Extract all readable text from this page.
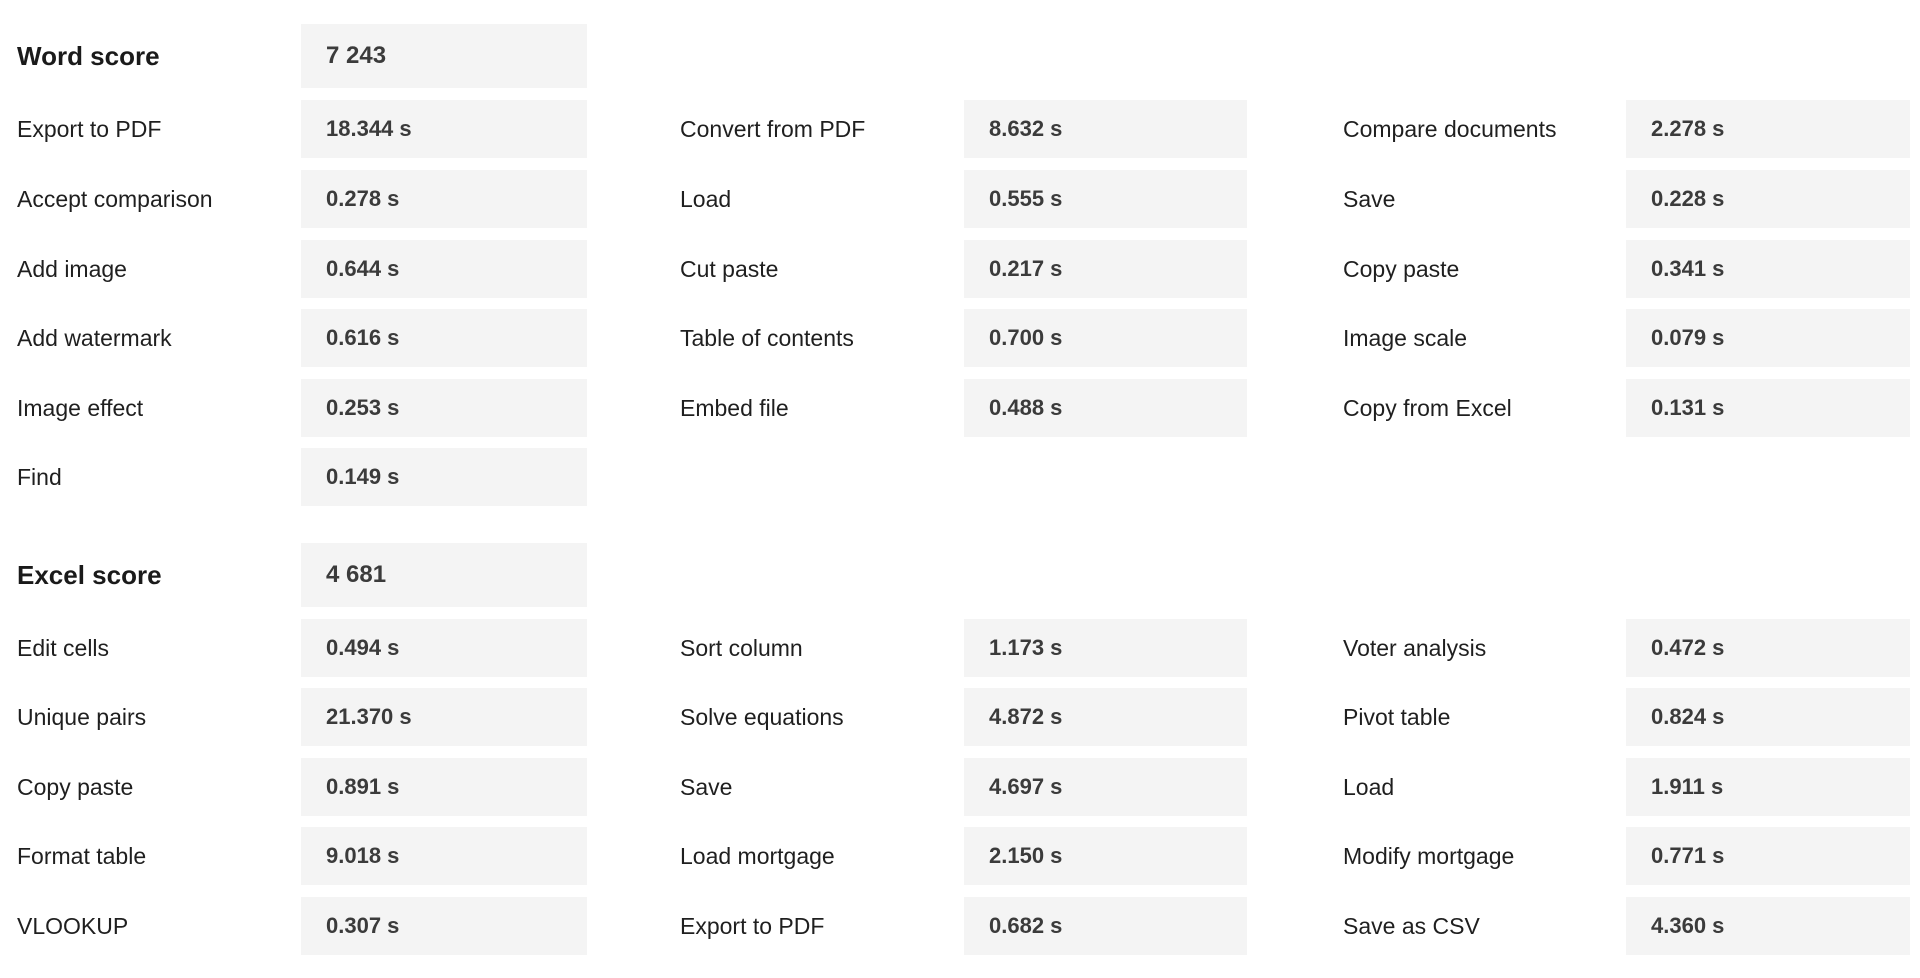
Word score	7 243
Export to PDF	18.344 s	Convert from PDF	8.632 s	Compare documents	2.278 s
Accept comparison	0.278 s	Load	0.555 s	Save	0.228 s
Add image	0.644 s	Cut paste	0.217 s	Copy paste	0.341 s
Add watermark	0.616 s	Table of contents	0.700 s	Image scale	0.079 s
Image effect	0.253 s	Embed file	0.488 s	Copy from Excel	0.131 s
Find	0.149 s
Excel score	4 681
Edit cells	0.494 s	Sort column	1.173 s	Voter analysis	0.472 s
Unique pairs	21.370 s	Solve equations	4.872 s	Pivot table	0.824 s
Copy paste	0.891 s	Save	4.697 s	Load	1.911 s
Format table	9.018 s	Load mortgage	2.150 s	Modify mortgage	0.771 s
VLOOKUP	0.307 s	Export to PDF	0.682 s	Save as CSV	4.360 s
